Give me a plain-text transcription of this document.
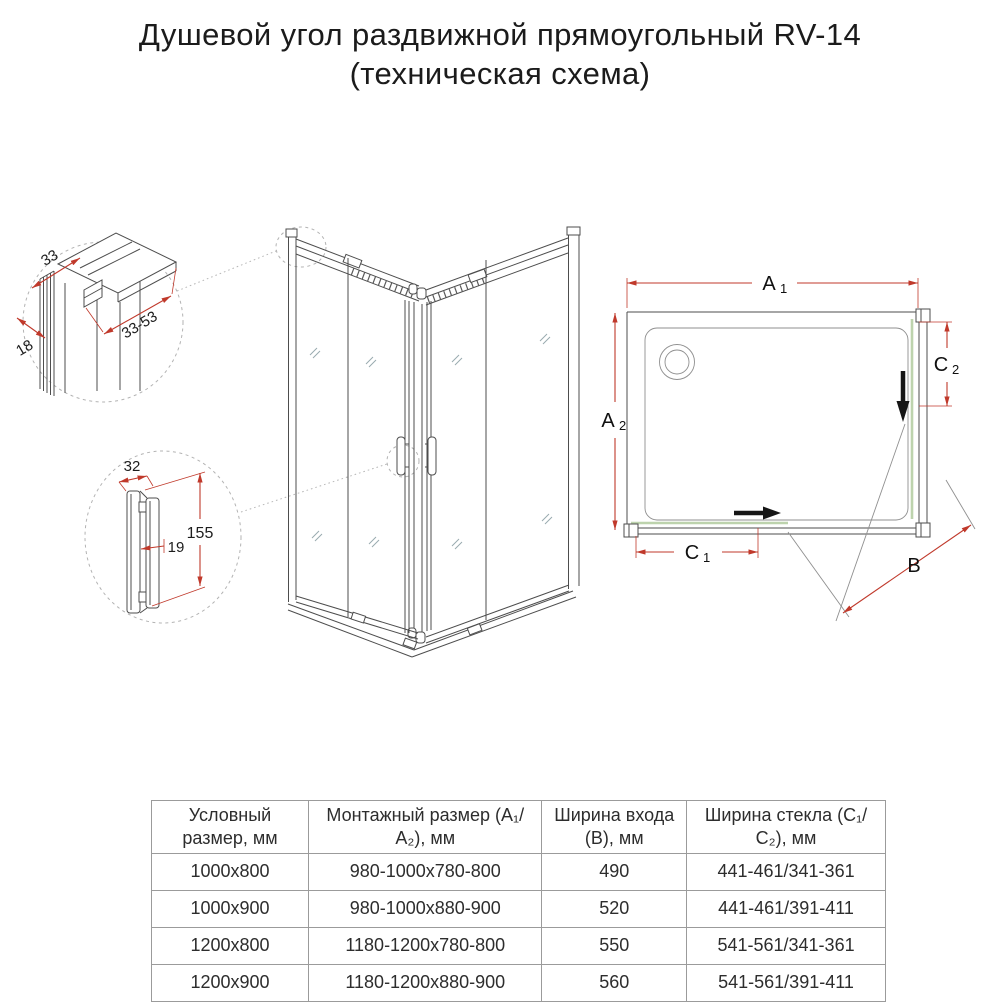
Душевой угол раздвижной прямоугольный RV-14
(техническая схема)
33
18
33-53
32
155
19
A 1
A 2
C 2
C 1	B
Условный размер, мм	Монтажный размер (А₁/А₂), мм	Ширина входа (В), мм	Ширина стекла (С₁/С₂), мм
1000x800	980-1000x780-800	490	441-461/341-361
1000x900	980-1000x880-900	520	441-461/391-411
1200x800	1180-1200x780-800	550	541-561/341-361
1200x900	1180-1200x880-900	560	541-561/391-411
